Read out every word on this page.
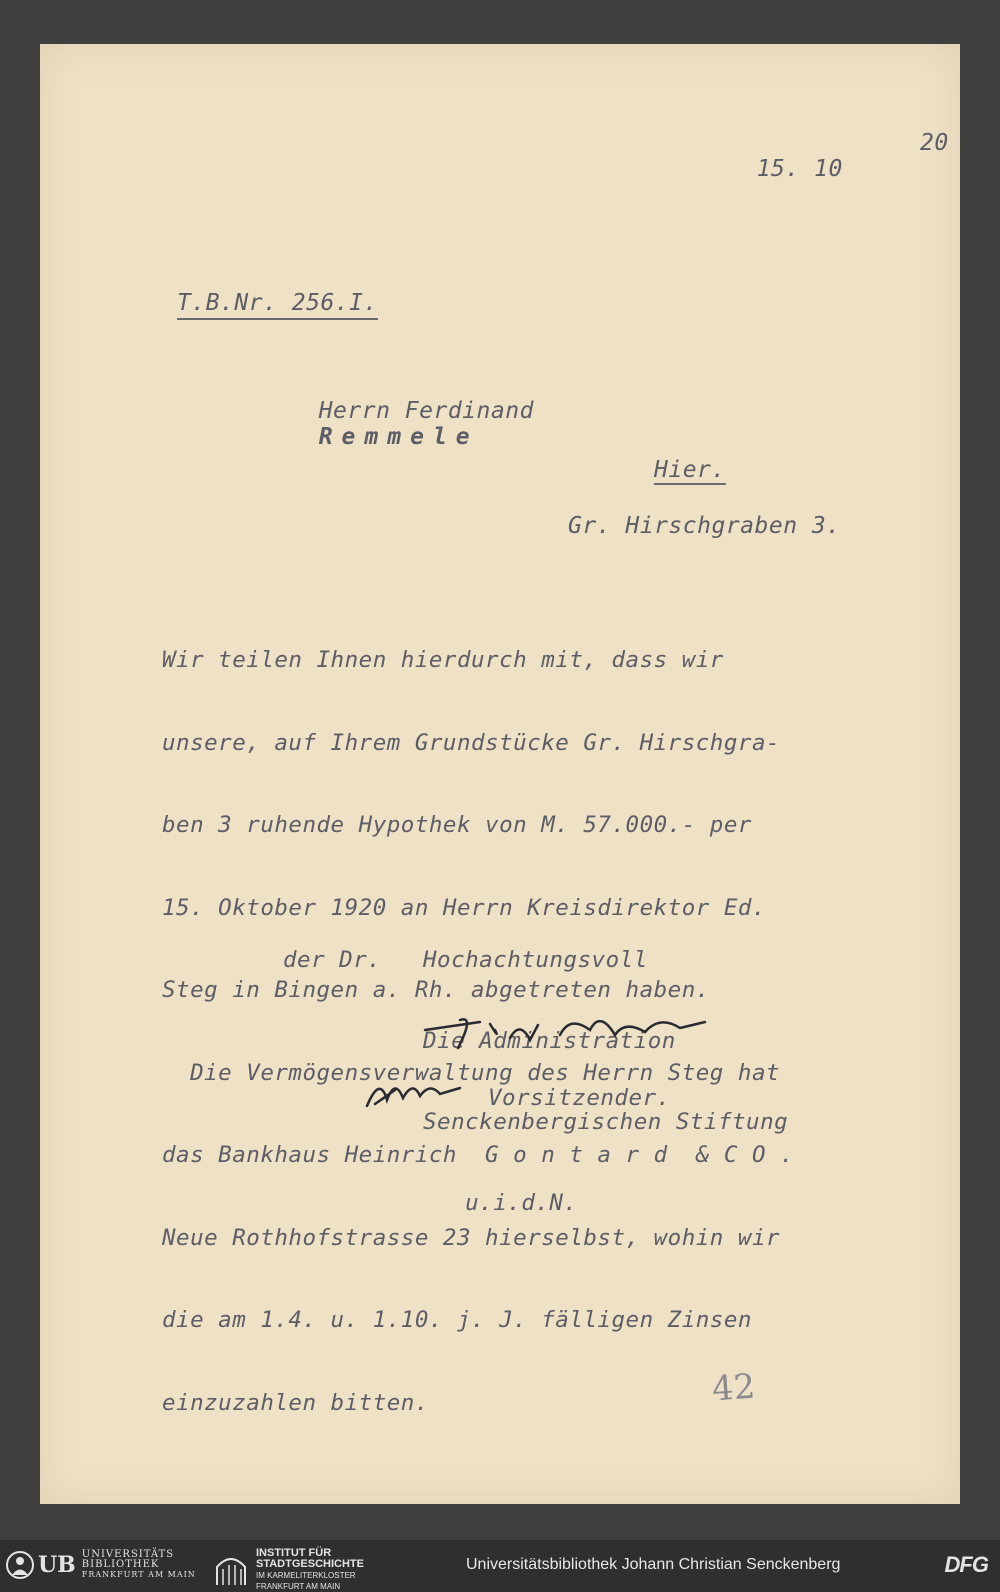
15. 10

20

T.B.Nr. 256.I.

Herrn Ferdinand
Remmele

Hier.
Gr. Hirschgraben 3.

Wir teilen Ihnen hierdurch mit, dass wir

unsere, auf Ihrem Grundstücke Gr. Hirschgra-

ben 3 ruhende Hypothek von M. 57.000.- per

15. Oktober 1920 an Herrn Kreisdirektor Ed.

Steg in Bingen a. Rh. abgetreten haben.

Die Vermögensverwaltung des Herrn Steg hat

das Bankhaus Heinrich  G o n t a r d  & C O .

Neue Rothhofstrasse 23 hierselbst, wohin wir

die am 1.4. u. 1.10. j. J. fälligen Zinsen

einzuzahlen bitten.

Hochachtungsvoll

Die Administration

Senckenbergischen Stiftung

u.i.d.N.

der Dr.
Vorsitzender.
42
UB UNIVERSITÄTS
BIBLIOTHEK
FRANKFURT AM MAIN
INSTITUT FÜR
STADTGESCHICHTE
IM KARMELITERKLOSTER
FRANKFURT AM MAIN
Universitätsbibliothek Johann Christian Senckenberg	DFG
